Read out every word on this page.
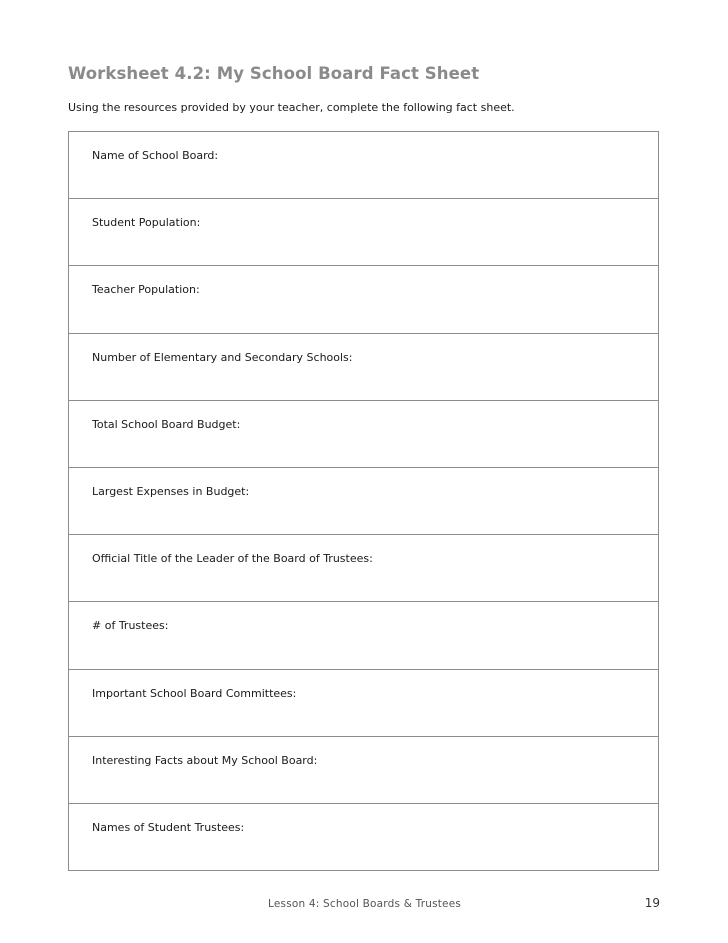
Worksheet 4.2: My School Board Fact Sheet
Using the resources provided by your teacher, complete the following fact sheet.
Name of School Board:
Student Population:
Teacher Population:
Number of Elementary and Secondary Schools:
Total School Board Budget:
Largest Expenses in Budget:
Official Title of the Leader of the Board of Trustees:
# of Trustees:
Important School Board Committees:
Interesting Facts about My School Board:
Names of Student Trustees:
Lesson 4: School Boards & Trustees	19
